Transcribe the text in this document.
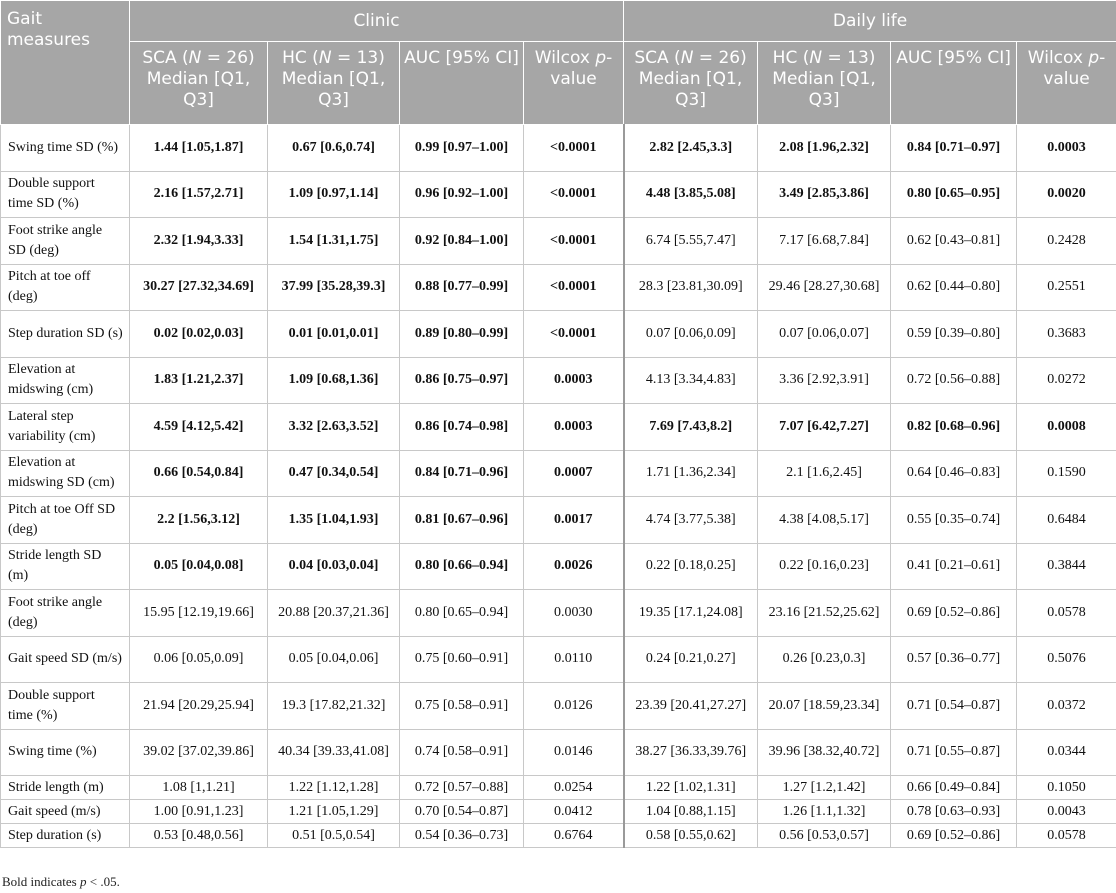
Gait measures	Clinic				Daily life			
	SCA (N = 26) Median [Q1, Q3]	HC (N = 13) Median [Q1, Q3]	AUC [95% CI]	Wilcox p-value	SCA (N = 26) Median [Q1, Q3]	HC (N = 13) Median [Q1, Q3]	AUC [95% CI]	Wilcox p-value
Swing time SD (%)	1.44 [1.05,1.87]	0.67 [0.6,0.74]	0.99 [0.97–1.00]	<0.0001	2.82 [2.45,3.3]	2.08 [1.96,2.32]	0.84 [0.71–0.97]	0.0003
Double support time SD (%)	2.16 [1.57,2.71]	1.09 [0.97,1.14]	0.96 [0.92–1.00]	<0.0001	4.48 [3.85,5.08]	3.49 [2.85,3.86]	0.80 [0.65–0.95]	0.0020
Foot strike angle SD (deg)	2.32 [1.94,3.33]	1.54 [1.31,1.75]	0.92 [0.84–1.00]	<0.0001	6.74 [5.55,7.47]	7.17 [6.68,7.84]	0.62 [0.43–0.81]	0.2428
Pitch at toe off (deg)	30.27 [27.32,34.69]	37.99 [35.28,39.3]	0.88 [0.77–0.99]	<0.0001	28.3 [23.81,30.09]	29.46 [28.27,30.68]	0.62 [0.44–0.80]	0.2551
Step duration SD (s)	0.02 [0.02,0.03]	0.01 [0.01,0.01]	0.89 [0.80–0.99]	<0.0001	0.07 [0.06,0.09]	0.07 [0.06,0.07]	0.59 [0.39–0.80]	0.3683
Elevation at midswing (cm)	1.83 [1.21,2.37]	1.09 [0.68,1.36]	0.86 [0.75–0.97]	0.0003	4.13 [3.34,4.83]	3.36 [2.92,3.91]	0.72 [0.56–0.88]	0.0272
Lateral step variability (cm)	4.59 [4.12,5.42]	3.32 [2.63,3.52]	0.86 [0.74–0.98]	0.0003	7.69 [7.43,8.2]	7.07 [6.42,7.27]	0.82 [0.68–0.96]	0.0008
Elevation at midswing SD (cm)	0.66 [0.54,0.84]	0.47 [0.34,0.54]	0.84 [0.71–0.96]	0.0007	1.71 [1.36,2.34]	2.1 [1.6,2.45]	0.64 [0.46–0.83]	0.1590
Pitch at toe Off SD (deg)	2.2 [1.56,3.12]	1.35 [1.04,1.93]	0.81 [0.67–0.96]	0.0017	4.74 [3.77,5.38]	4.38 [4.08,5.17]	0.55 [0.35–0.74]	0.6484
Stride length SD (m)	0.05 [0.04,0.08]	0.04 [0.03,0.04]	0.80 [0.66–0.94]	0.0026	0.22 [0.18,0.25]	0.22 [0.16,0.23]	0.41 [0.21–0.61]	0.3844
Foot strike angle (deg)	15.95 [12.19,19.66]	20.88 [20.37,21.36]	0.80 [0.65–0.94]	0.0030	19.35 [17.1,24.08]	23.16 [21.52,25.62]	0.69 [0.52–0.86]	0.0578
Gait speed SD (m/s)	0.06 [0.05,0.09]	0.05 [0.04,0.06]	0.75 [0.60–0.91]	0.0110	0.24 [0.21,0.27]	0.26 [0.23,0.3]	0.57 [0.36–0.77]	0.5076
Double support time (%)	21.94 [20.29,25.94]	19.3 [17.82,21.32]	0.75 [0.58–0.91]	0.0126	23.39 [20.41,27.27]	20.07 [18.59,23.34]	0.71 [0.54–0.87]	0.0372
Swing time (%)	39.02 [37.02,39.86]	40.34 [39.33,41.08]	0.74 [0.58–0.91]	0.0146	38.27 [36.33,39.76]	39.96 [38.32,40.72]	0.71 [0.55–0.87]	0.0344
Stride length (m)	1.08 [1,1.21]	1.22 [1.12,1.28]	0.72 [0.57–0.88]	0.0254	1.22 [1.02,1.31]	1.27 [1.2,1.42]	0.66 [0.49–0.84]	0.1050
Gait speed (m/s)	1.00 [0.91,1.23]	1.21 [1.05,1.29]	0.70 [0.54–0.87]	0.0412	1.04 [0.88,1.15]	1.26 [1.1,1.32]	0.78 [0.63–0.93]	0.0043
Step duration (s)	0.53 [0.48,0.56]	0.51 [0.5,0.54]	0.54 [0.36–0.73]	0.6764	0.58 [0.55,0.62]	0.56 [0.53,0.57]	0.69 [0.52–0.86]	0.0578
Bold indicates p < .05.
